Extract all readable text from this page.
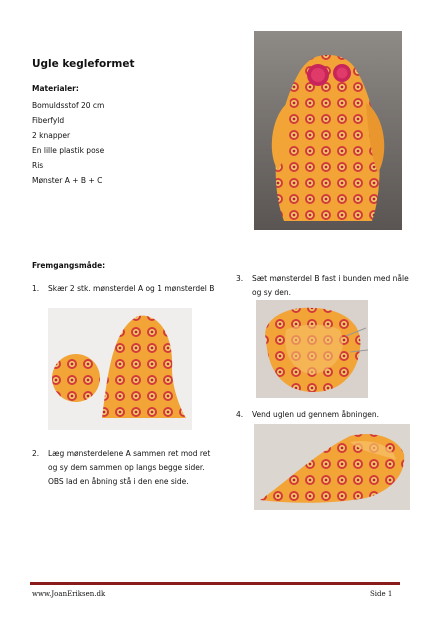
Ugle kegleformet
Materialer:
Bomuldsstof 20 cm
Fiberfyld
2 knapper
En lille plastik pose
Ris
Mønster A + B + C
Fremgangsmåde:
1. Skær 2 stk. mønsterdel A og 1 mønsterdel B
2. Læg mønsterdelene A sammen ret mod ret og sy dem sammen op langs begge sider. OBS lad en åbning stå i den ene side.
3. Sæt mønsterdel B fast i bunden med nåle og sy den.
4. Vend uglen ud gennem åbningen.
www.JoanEriksen.dk	Side 1
